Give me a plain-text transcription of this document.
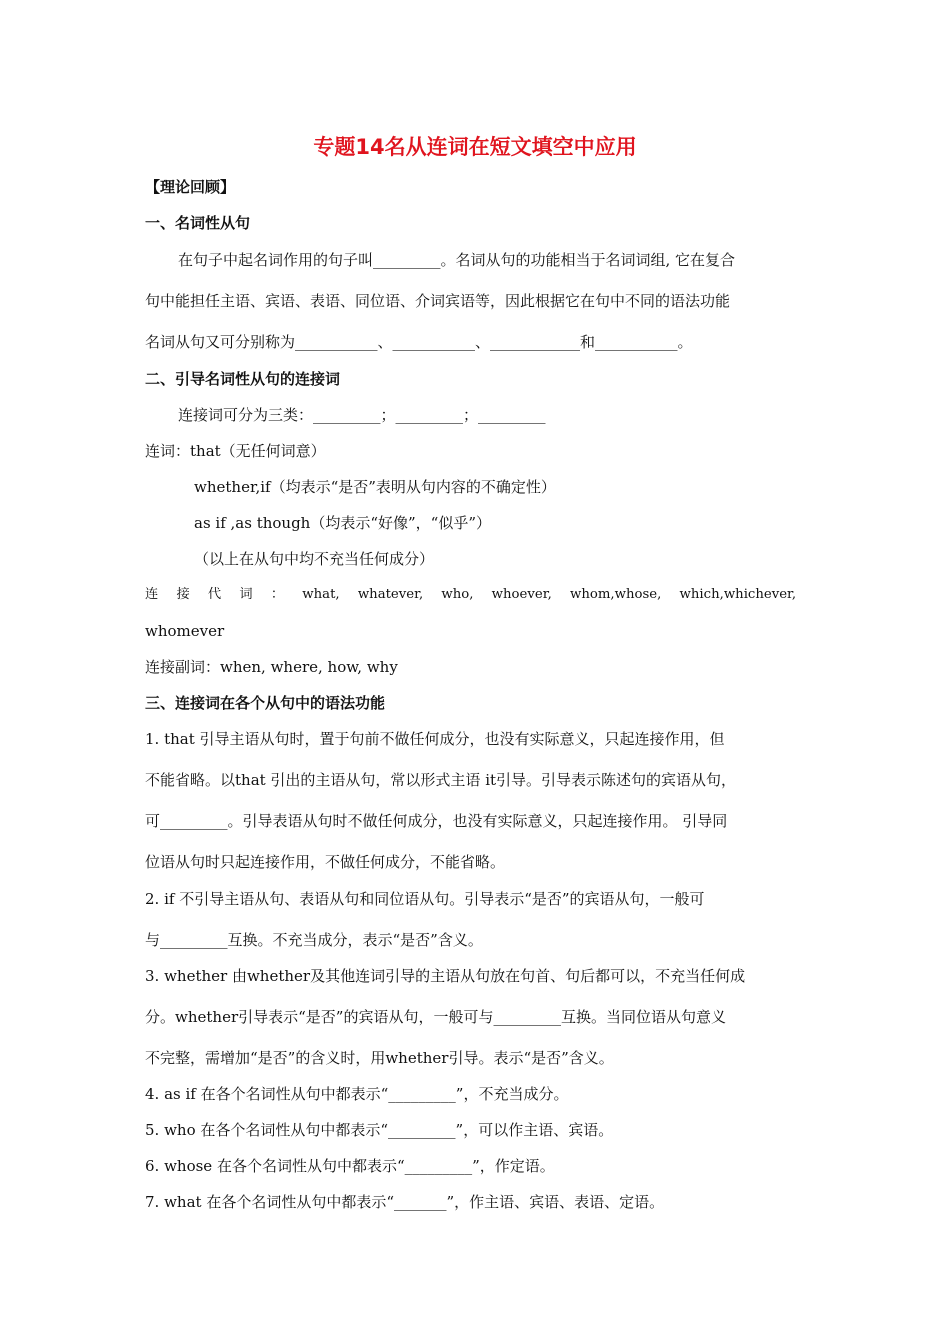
专题14名从连词在短文填空中应用
【理论回顾】
一、名词性从句
在句子中起名词作用的句子叫_________。名词从句的功能相当于名词词组, 它在复合
句中能担任主语、宾语、表语、同位语、介词宾语等，因此根据它在句中不同的语法功能
名词从句又可分别称为___________、___________、____________和___________。
二、引导名词性从句的连接词
连接词可分为三类：_________；_________；_________
连词：that（无任何词意）
whether,if（均表示“是否”表明从句内容的不确定性）
as if ,as though（均表示“好像”，“似乎”）
（以上在从句中均不充当任何成分）
连 接 代 词 ： what, whatever, who, whoever, whom,whose, which,whichever,
whomever
连接副词：when, where, how, why
三、连接词在各个从句中的语法功能
1. that 引导主语从句时，置于句前不做任何成分，也没有实际意义，只起连接作用，但
不能省略。以that 引出的主语从句，常以形式主语 it引导。引导表示陈述句的宾语从句，
可_________。引导表语从句时不做任何成分，也没有实际意义，只起连接作用。 引导同
位语从句时只起连接作用，不做任何成分，不能省略。
2. if 不引导主语从句、表语从句和同位语从句。引导表示“是否”的宾语从句，一般可
与_________互换。不充当成分，表示“是否”含义。
3. whether 由whether及其他连词引导的主语从句放在句首、句后都可以，不充当任何成
分。whether引导表示“是否”的宾语从句，一般可与_________互换。当同位语从句意义
不完整，需增加“是否”的含义时，用whether引导。表示“是否”含义。
4. as if 在各个名词性从句中都表示“_________”，不充当成分。
5. who 在各个名词性从句中都表示“_________”，可以作主语、宾语。
6. whose 在各个名词性从句中都表示“_________”，作定语。
7. what 在各个名词性从句中都表示“_______”，作主语、宾语、表语、定语。
